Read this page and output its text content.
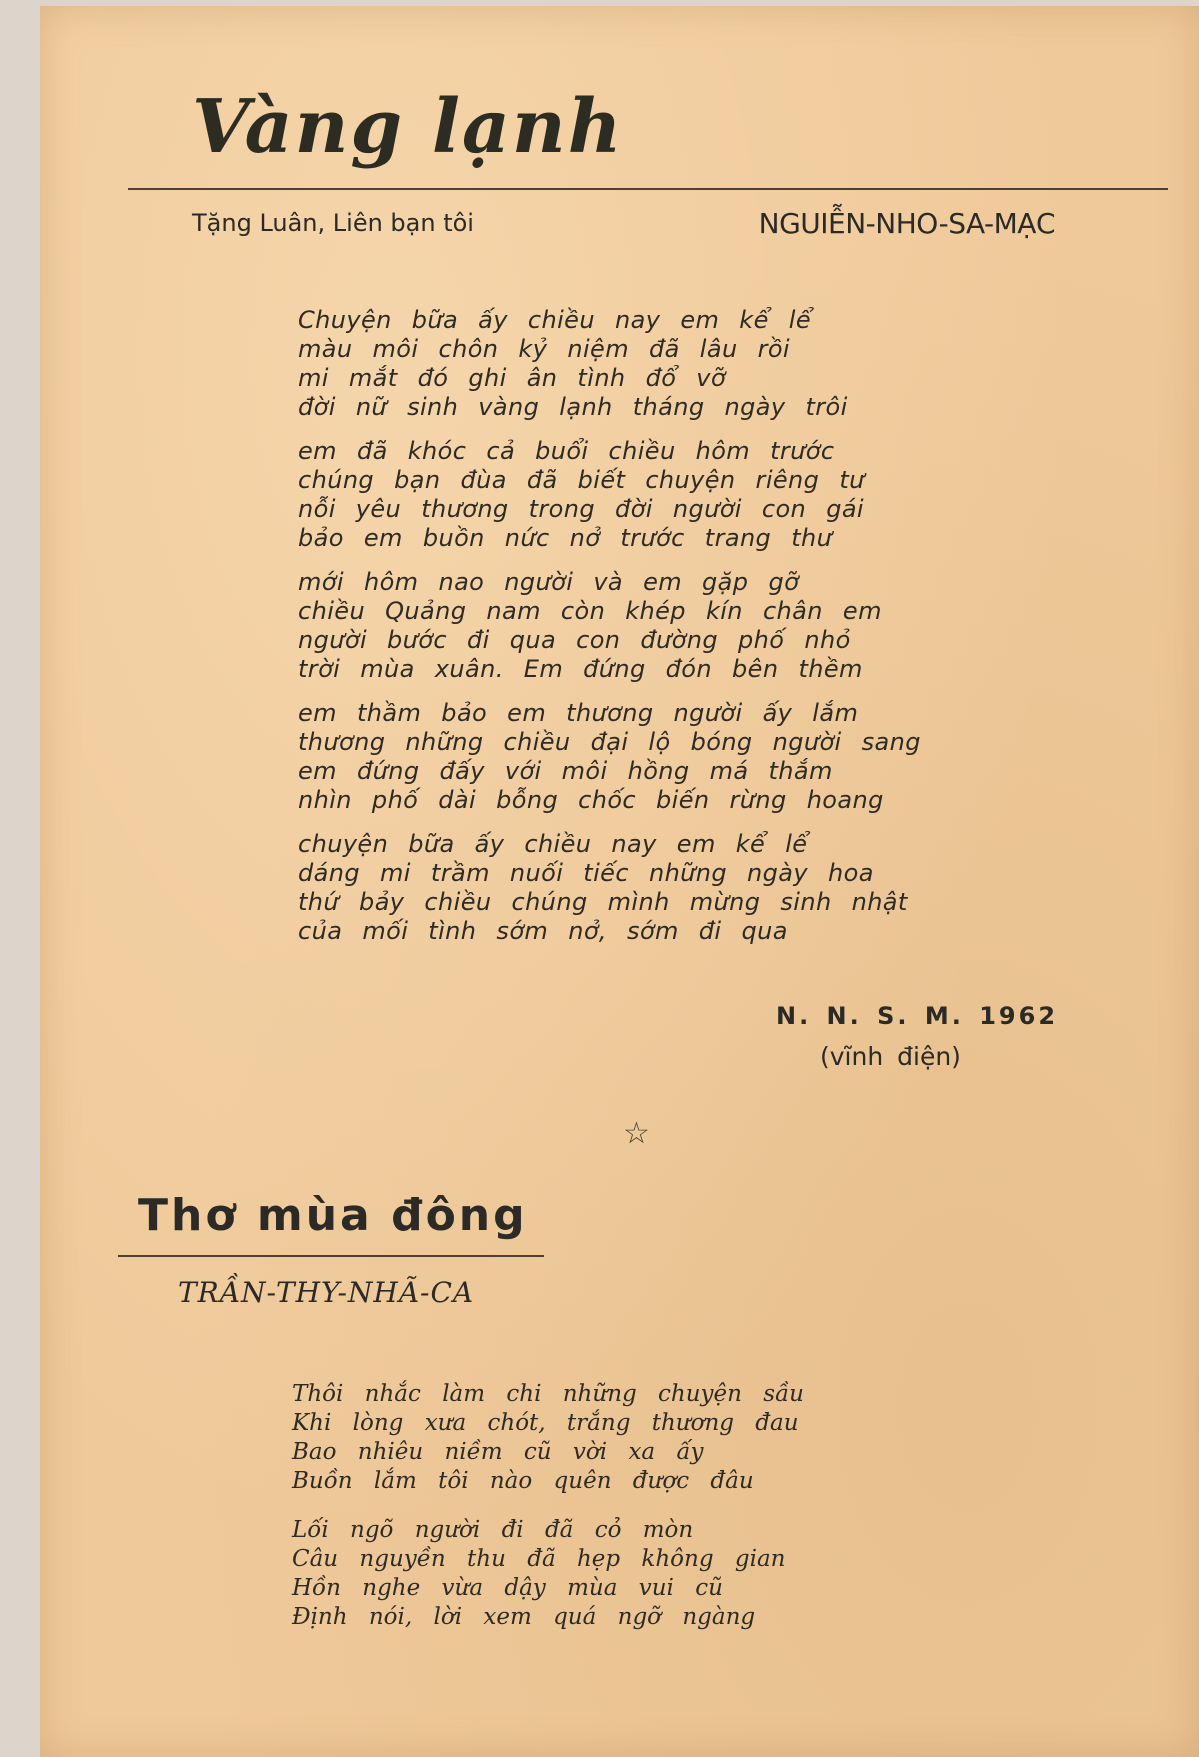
Vàng lạnh
Tặng Luân, Liên bạn tôi	NGUIỄN-NHO-SA-MẠC
Chuyện bữa ấy chiều nay em kể lể
màu môi chôn kỷ niệm đã lâu rồi
mi mắt đó ghi ân tình đổ vỡ
đời nữ sinh vàng lạnh tháng ngày trôi
em đã khóc cả buổi chiều hôm trước
chúng bạn đùa đã biết chuyện riêng tư
nỗi yêu thương trong đời người con gái
bảo em buồn nức nở trước trang thư
mới hôm nao người và em gặp gỡ
chiều Quảng nam còn khép kín chân em
người bước đi qua con đường phố nhỏ
trời mùa xuân. Em đứng đón bên thềm
em thầm bảo em thương người ấy lắm
thương những chiều đại lộ bóng người sang
em đứng đấy với môi hồng má thắm
nhìn phố dài bỗng chốc biến rừng hoang
chuyện bữa ấy chiều nay em kể lể
dáng mi trầm nuối tiếc những ngày hoa
thứ bảy chiều chúng mình mừng sinh nhật
của mối tình sớm nở, sớm đi qua
N. N. S. M. 1962
(vĩnh điện)
☆
Thơ mùa đông
TRẦN-THY-NHÃ-CA
Thôi nhắc làm chi những chuyện sầu
Khi lòng xưa chót, trắng thương đau
Bao nhiêu niềm cũ vời xa ấy
Buồn lắm tôi nào quên được đâu
Lối ngõ người đi đã cỏ mòn
Câu nguyền thu đã hẹp không gian
Hồn nghe vừa dậy mùa vui cũ
Định nói, lời xem quá ngỡ ngàng
